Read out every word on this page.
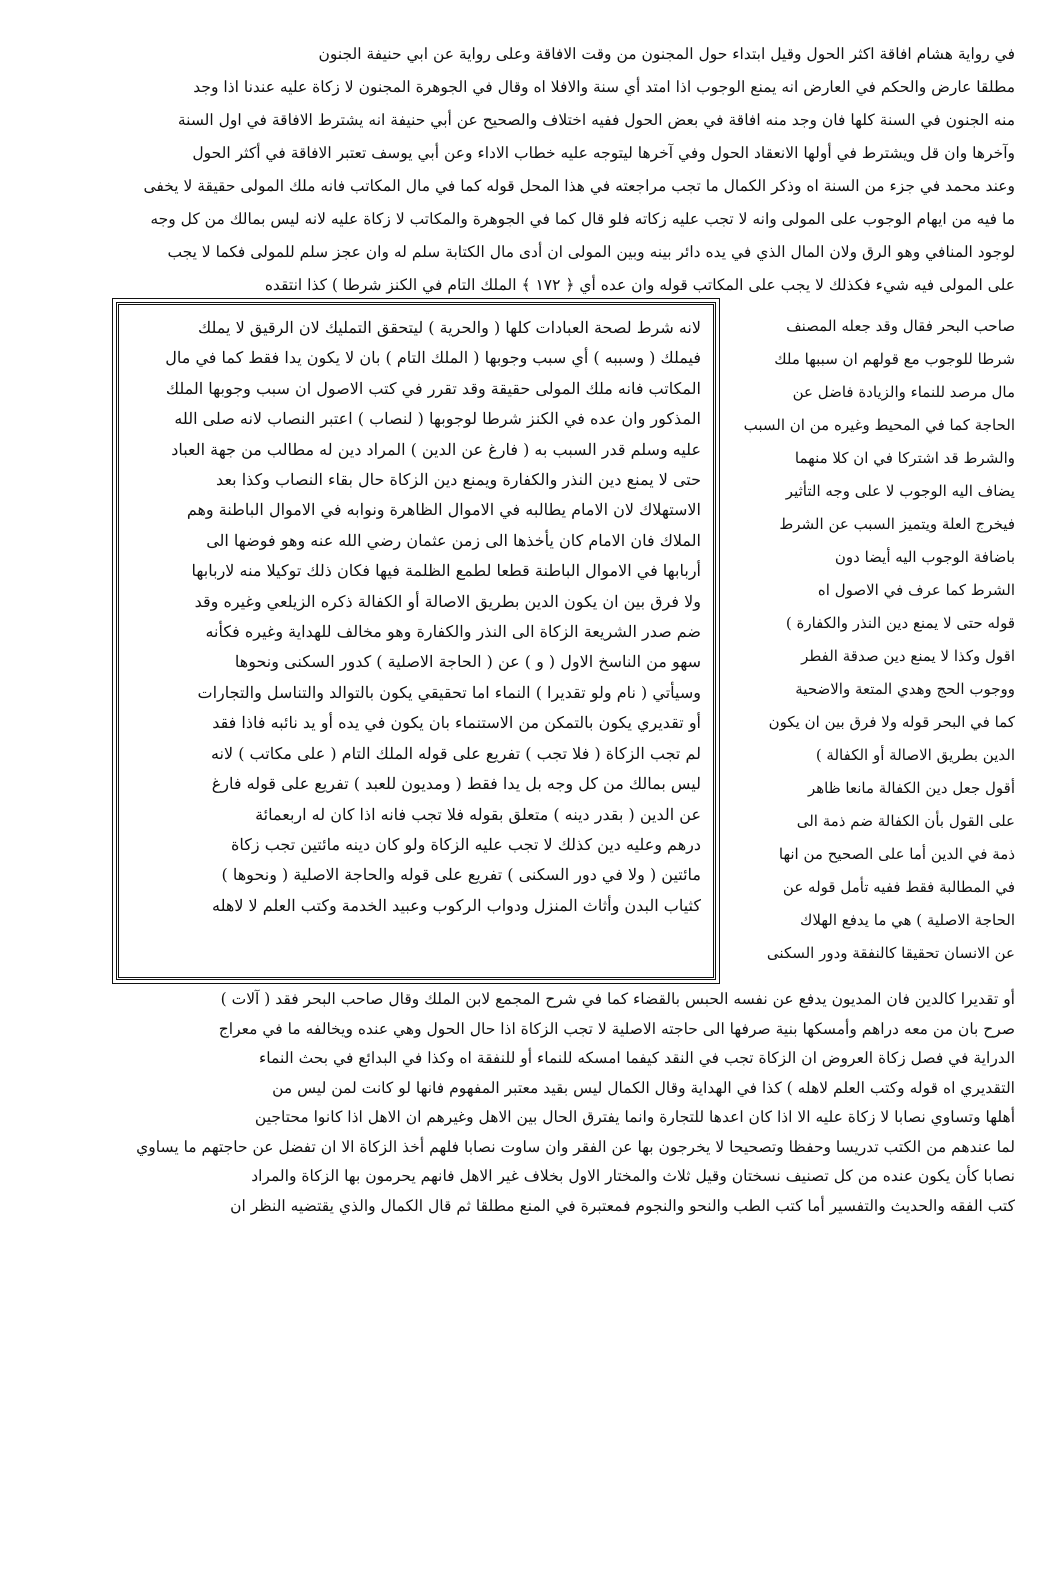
في رواية هشام افاقة اكثر الحول وقيل ابتداء حول المجنون من وقت الافاقة وعلى رواية عن ابي حنيفة الجنون
مطلقا عارض والحكم في العارض انه يمنع الوجوب اذا امتد أي سنة والافلا اه وقال في الجوهرة المجنون لا زكاة عليه عندنا اذا وجد
منه الجنون في السنة كلها فان وجد منه افاقة في بعض الحول ففيه اختلاف والصحيح عن أبي حنيفة انه يشترط الافاقة في اول السنة
وآخرها وان قل ويشترط في أولها الانعقاد الحول وفي آخرها ليتوجه عليه خطاب الاداء وعن أبي يوسف تعتبر الافاقة في أكثر الحول
وعند محمد في جزء من السنة اه وذكر الكمال ما تجب مراجعته في هذا المحل قوله كما في مال المكاتب فانه ملك المولى حقيقة لا يخفى
ما فيه من ايهام الوجوب على المولى وانه لا تجب عليه زكاته فلو قال كما في الجوهرة والمكاتب لا زكاة عليه لانه ليس بمالك من كل وجه
لوجود المنافي وهو الرق ولان المال الذي في يده دائر بينه وبين المولى ان أدى مال الكتابة سلم له وان عجز سلم للمولى فكما لا يجب
على المولى فيه شيء فكذلك لا يجب على المكاتب قوله وان عده أي ﴿ ١٧٢ ﴾ الملك التام في الكنز شرطا ) كذا انتقده
صاحب البحر فقال وقد جعله المصنف
شرطا للوجوب مع قولهم ان سببها ملك
مال مرصد للنماء والزيادة فاضل عن
الحاجة كما في المحيط وغيره من ان السبب
والشرط قد اشتركا في ان كلا منهما
يضاف اليه الوجوب لا على وجه التأثير
فيخرج العلة ويتميز السبب عن الشرط
باضافة الوجوب اليه أيضا دون
الشرط كما عرف في الاصول اه
قوله حتى لا يمنع دين النذر والكفارة )
اقول وكذا لا يمنع دين صدقة الفطر
ووجوب الحج وهدي المتعة والاضحية
كما في البحر قوله ولا فرق بين ان يكون
الدين بطريق الاصالة أو الكفالة )
أقول جعل دين الكفالة مانعا ظاهر
على القول بأن الكفالة ضم ذمة الى
ذمة في الدين أما على الصحيح من انها
في المطالبة فقط ففيه تأمل قوله عن
الحاجة الاصلية ) هي ما يدفع الهلاك
عن الانسان تحقيقا كالنفقة ودور السكنى
لانه شرط لصحة العبادات كلها ( والحرية ) ليتحقق التمليك لان الرقيق لا يملك
فيملك ( وسببه ) أي سبب وجوبها ( الملك التام ) بان لا يكون يدا فقط كما في مال
المكاتب فانه ملك المولى حقيقة وقد تقرر في كتب الاصول ان سبب وجوبها الملك
المذكور وان عده في الكنز شرطا لوجوبها ( لنصاب ) اعتبر النصاب لانه صلى الله
عليه وسلم قدر السبب به ( فارغ عن الدين ) المراد دين له مطالب من جهة العباد
حتى لا يمنع دين النذر والكفارة ويمنع دين الزكاة حال بقاء النصاب وكذا بعد
الاستهلاك لان الامام يطالبه في الاموال الظاهرة ونوابه في الاموال الباطنة وهم
الملاك فان الامام كان يأخذها الى زمن عثمان رضي الله عنه وهو فوضها الى
أربابها في الاموال الباطنة قطعا لطمع الظلمة فيها فكان ذلك توكيلا منه لاربابها
ولا فرق بين ان يكون الدين بطريق الاصالة أو الكفالة ذكره الزيلعي وغيره وقد
ضم صدر الشريعة الزكاة الى النذر والكفارة وهو مخالف للهداية وغيره فكأنه
سهو من الناسخ الاول ( و ) عن ( الحاجة الاصلية ) كدور السكنى ونحوها
وسيأتي ( نام ولو تقديرا ) النماء اما تحقيقي يكون بالتوالد والتناسل والتجارات
أو تقديري يكون بالتمكن من الاستنماء بان يكون في يده أو يد نائبه فاذا فقد
لم تجب الزكاة ( فلا تجب ) تفريع على قوله الملك التام ( على مكاتب ) لانه
ليس بمالك من كل وجه بل يدا فقط ( ومديون للعبد ) تفريع على قوله فارغ
عن الدين ( بقدر دينه ) متعلق بقوله فلا تجب فانه اذا كان له اربعمائة
درهم وعليه دين كذلك لا تجب عليه الزكاة ولو كان دينه مائتين تجب زكاة
مائتين ( ولا في دور السكنى ) تفريع على قوله والحاجة الاصلية ( ونحوها )
كثياب البدن وأثاث المنزل ودواب الركوب وعبيد الخدمة وكتب العلم لا لاهله
أو تقديرا كالدين فان المديون يدفع عن نفسه الحبس بالقضاء كما في شرح المجمع لابن الملك وقال صاحب البحر فقد ( آلات )
صرح بان من معه دراهم وأمسكها بنية صرفها الى حاجته الاصلية لا تجب الزكاة اذا حال الحول وهي عنده ويخالفه ما في معراج
الدراية في فصل زكاة العروض ان الزكاة تجب في النقد كيفما امسكه للنماء أو للنفقة اه وكذا في البدائع في بحث النماء
التقديري اه قوله وكتب العلم لاهله ) كذا في الهداية وقال الكمال ليس بقيد معتبر المفهوم فانها لو كانت لمن ليس من
أهلها وتساوي نصابا لا زكاة عليه الا اذا كان اعدها للتجارة وانما يفترق الحال بين الاهل وغيرهم ان الاهل اذا كانوا محتاجين
لما عندهم من الكتب تدريسا وحفظا وتصحيحا لا يخرجون بها عن الفقر وان ساوت نصابا فلهم أخذ الزكاة الا ان تفضل عن حاجتهم ما يساوي
نصابا كأن يكون عنده من كل تصنيف نسختان وقيل ثلاث والمختار الاول بخلاف غير الاهل فانهم يحرمون بها الزكاة والمراد
كتب الفقه والحديث والتفسير أما كتب الطب والنحو والنجوم فمعتبرة في المنع مطلقا ثم قال الكمال والذي يقتضيه النظر ان
